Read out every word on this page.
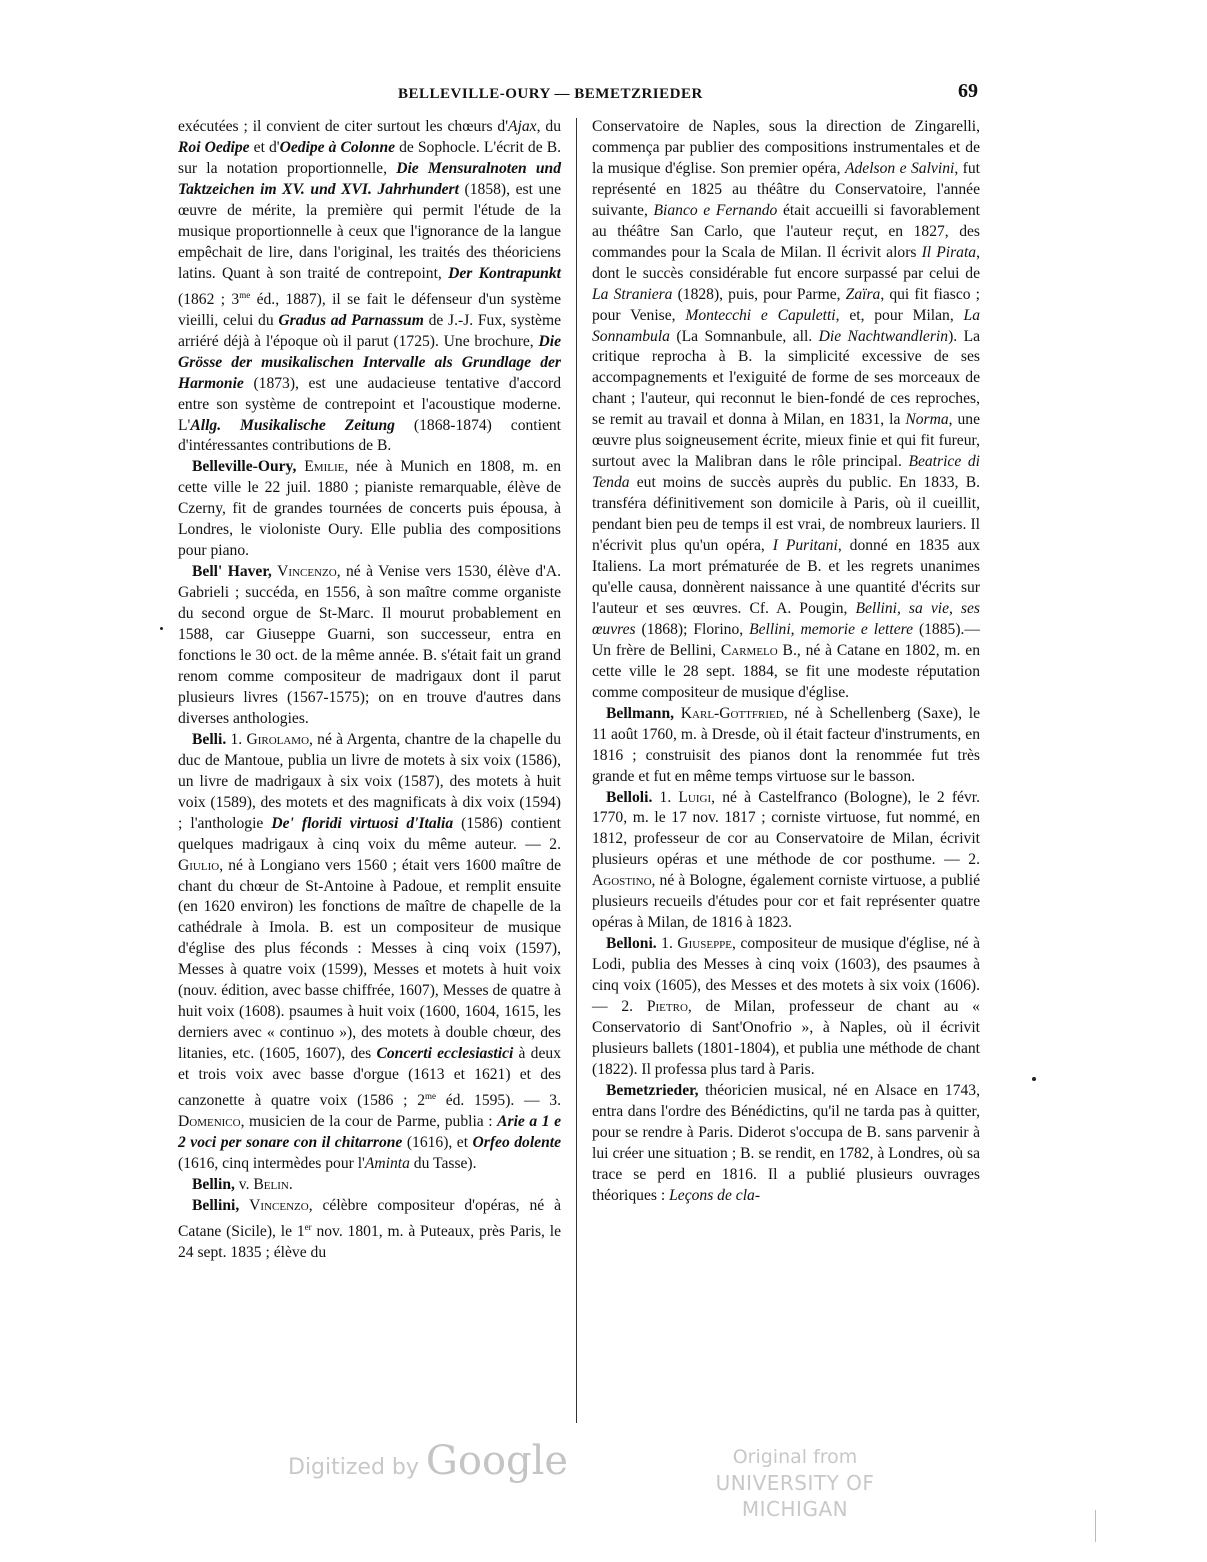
BELLEVILLE-OURY — BEMETZRIEDER	69

exécutées ; il convient de citer surtout les chœurs d'Ajax, du Roi Oedipe et d'Oedipe à Colonne de Sophocle. L'écrit de B. sur la notation proportionnelle, Die Mensuralnoten und Taktzeichen im XV. und XVI. Jahrhundert (1858), est une œuvre de mérite, la première qui permit l'étude de la musique proportionnelle à ceux que l'ignorance de la langue empêchait de lire, dans l'original, les traités des théoriciens latins. Quant à son traité de contrepoint, Der Kontrapunkt (1862 ; $3^{me}$ éd., 1887), il se fait le défenseur d'un système vieilli, celui du Gradus ad Parnassum de J.-J. Fux, système arriéré déjà à l'époque où il parut (1725). Une brochure, Die Grösse der musikalischen Intervalle als Grundlage der Harmonie (1873), est une audacieuse tentative d'accord entre son système de contrepoint et l'acoustique moderne. L'Allg. Musikalische Zeitung (1868-1874) contient d'intéressantes contributions de B.

Belleville-Oury, Emilie, née à Munich en 1808, m. en cette ville le 22 juil. 1880 ; pianiste remarquable, élève de Czerny, fit de grandes tournées de concerts puis épousa, à Londres, le violoniste Oury. Elle publia des compositions pour piano.

Bell' Haver, Vincenzo, né à Venise vers 1530, élève d'A. Gabrieli ; succéda, en 1556, à son maître comme organiste du second orgue de St-Marc. Il mourut probablement en 1588, car Giuseppe Guarni, son successeur, entra en fonctions le 30 oct. de la même année. B. s'était fait un grand renom comme compositeur de madrigaux dont il parut plusieurs livres (1567-1575); on en trouve d'autres dans diverses anthologies.

Belli. 1. Girolamo, né à Argenta, chantre de la chapelle du duc de Mantoue, publia un livre de motets à six voix (1586), un livre de madrigaux à six voix (1587), des motets à huit voix (1589), des motets et des magnificats à dix voix (1594) ; l'anthologie De' floridi virtuosi d'Italia (1586) contient quelques madrigaux à cinq voix du même auteur. — 2. Giulio, né à Longiano vers 1560 ; était vers 1600 maître de chant du chœur de St-Antoine à Padoue, et remplit ensuite (en 1620 environ) les fonctions de maître de chapelle de la cathédrale à Imola. B. est un compositeur de musique d'église des plus féconds : Messes à cinq voix (1597), Messes à quatre voix (1599), Messes et motets à huit voix (nouv. édition, avec basse chiffrée, 1607), Messes de quatre à huit voix (1608). psaumes à huit voix (1600, 1604, 1615, les derniers avec « continuo »), des motets à double chœur, des litanies, etc. (1605, 1607), des Concerti ecclesiastici à deux et trois voix avec basse d'orgue (1613 et 1621) et des canzonette à quatre voix (1586 ; $2^{me}$ éd. 1595). — 3. Domenico, musicien de la cour de Parme, publia : Arie a 1 e 2 voci per sonare con il chitarrone (1616), et Orfeo dolente (1616, cinq intermèdes pour l'Aminta du Tasse).

Bellin, v. Belin.

Bellini, Vincenzo, célèbre compositeur d'opéras, né à Catane (Sicile), le 1er nov. 1801, m. à Puteaux, près Paris, le 24 sept. 1835 ; élève du

Conservatoire de Naples, sous la direction de Zingarelli, commença par publier des compositions instrumentales et de la musique d'église. Son premier opéra, Adelson e Salvini, fut représenté en 1825 au théâtre du Conservatoire, l'année suivante, Bianco e Fernando était accueilli si favorablement au théâtre San Carlo, que l'auteur reçut, en 1827, des commandes pour la Scala de Milan. Il écrivit alors Il Pirata, dont le succès considérable fut encore surpassé par celui de La Straniera (1828), puis, pour Parme, Zaïra, qui fit fiasco ; pour Venise, Montecchi e Capuletti, et, pour Milan, La Sonnambula (La Somnanbule, all. Die Nachtwandlerin). La critique reprocha à B. la simplicité excessive de ses accompagnements et l'exiguité de forme de ses morceaux de chant ; l'auteur, qui reconnut le bien-fondé de ces reproches, se remit au travail et donna à Milan, en 1831, la Norma, une œuvre plus soigneusement écrite, mieux finie et qui fit fureur, surtout avec la Malibran dans le rôle principal. Beatrice di Tenda eut moins de succès auprès du public. En 1833, B. transféra définitivement son domicile à Paris, où il cueillit, pendant bien peu de temps il est vrai, de nombreux lauriers. Il n'écrivit plus qu'un opéra, I Puritani, donné en 1835 aux Italiens. La mort prématurée de B. et les regrets unanimes qu'elle causa, donnèrent naissance à une quantité d'écrits sur l'auteur et ses œuvres. Cf. A. Pougin, Bellini, sa vie, ses œuvres (1868); Florino, Bellini, memorie e lettere (1885).— Un frère de Bellini, Carmelo B., né à Catane en 1802, m. en cette ville le 28 sept. 1884, se fit une modeste réputation comme compositeur de musique d'église.

Bellmann, Karl-Gottfried, né à Schellenberg (Saxe), le 11 août 1760, m. à Dresde, où il était facteur d'instruments, en 1816 ; construisit des pianos dont la renommée fut très grande et fut en même temps virtuose sur le basson.

Belloli. 1. Luigi, né à Castelfranco (Bologne), le 2 févr. 1770, m. le 17 nov. 1817 ; corniste virtuose, fut nommé, en 1812, professeur de cor au Conservatoire de Milan, écrivit plusieurs opéras et une méthode de cor posthume. — 2. Agostino, né à Bologne, également corniste virtuose, a publié plusieurs recueils d'études pour cor et fait représenter quatre opéras à Milan, de 1816 à 1823.

Belloni. 1. Giuseppe, compositeur de musique d'église, né à Lodi, publia des Messes à cinq voix (1603), des psaumes à cinq voix (1605), des Messes et des motets à six voix (1606). — 2. Pietro, de Milan, professeur de chant au « Conservatorio di Sant'Onofrio », à Naples, où il écrivit plusieurs ballets (1801-1804), et publia une méthode de chant (1822). Il professa plus tard à Paris.

Bemetzrieder, théoricien musical, né en Alsace en 1743, entra dans l'ordre des Bénédictins, qu'il ne tarda pas à quitter, pour se rendre à Paris. Diderot s'occupa de B. sans parvenir à lui créer une situation ; B. se rendit, en 1782, à Londres, où sa trace se perd en 1816. Il a publié plusieurs ouvrages théoriques : Leçons de cla-

Digitized by Google	Original from
UNIVERSITY OF MICHIGAN
